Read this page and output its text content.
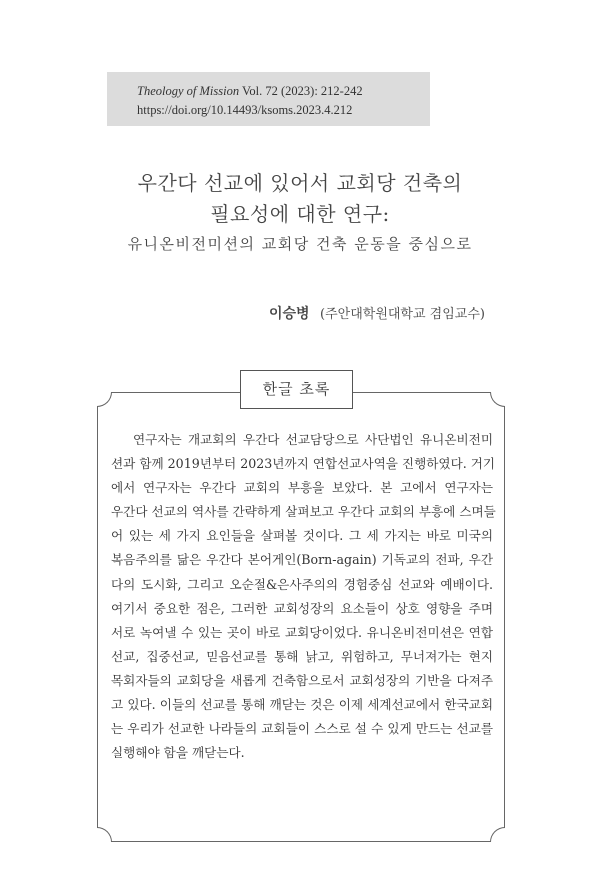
Theology of Mission Vol. 72 (2023): 212-242
https://doi.org/10.14493/ksoms.2023.4.212
우간다 선교에 있어서 교회당 건축의
필요성에 대한 연구:
유니온비전미션의 교회당 건축 운동을 중심으로
이승병 (주안대학원대학교 겸임교수)
한글 초록
연구자는 개교회의 우간다 선교담당으로 사단법인 유니온비전미
션과 함께 2019년부터 2023년까지 연합선교사역을 진행하였다. 거기
에서 연구자는 우간다 교회의 부흥을 보았다. 본 고에서 연구자는
우간다 선교의 역사를 간략하게 살펴보고 우간다 교회의 부흥에 스며들
어 있는 세 가지 요인들을 살펴볼 것이다. 그 세 가지는 바로 미국의
복음주의를 닮은 우간다 본어게인(Born-again) 기독교의 전파, 우간
다의 도시화, 그리고 오순절&은사주의의 경험중심 선교와 예배이다.
여기서 중요한 점은, 그러한 교회성장의 요소들이 상호 영향을 주며
서로 녹여낼 수 있는 곳이 바로 교회당이었다. 유니온비전미션은 연합
선교, 집중선교, 믿음선교를 통해 낡고, 위험하고, 무너져가는 현지
목회자들의 교회당을 새롭게 건축함으로서 교회성장의 기반을 다져주
고 있다. 이들의 선교를 통해 깨닫는 것은 이제 세계선교에서 한국교회
는 우리가 선교한 나라들의 교회들이 스스로 설 수 있게 만드는 선교를
실행해야 함을 깨닫는다.
